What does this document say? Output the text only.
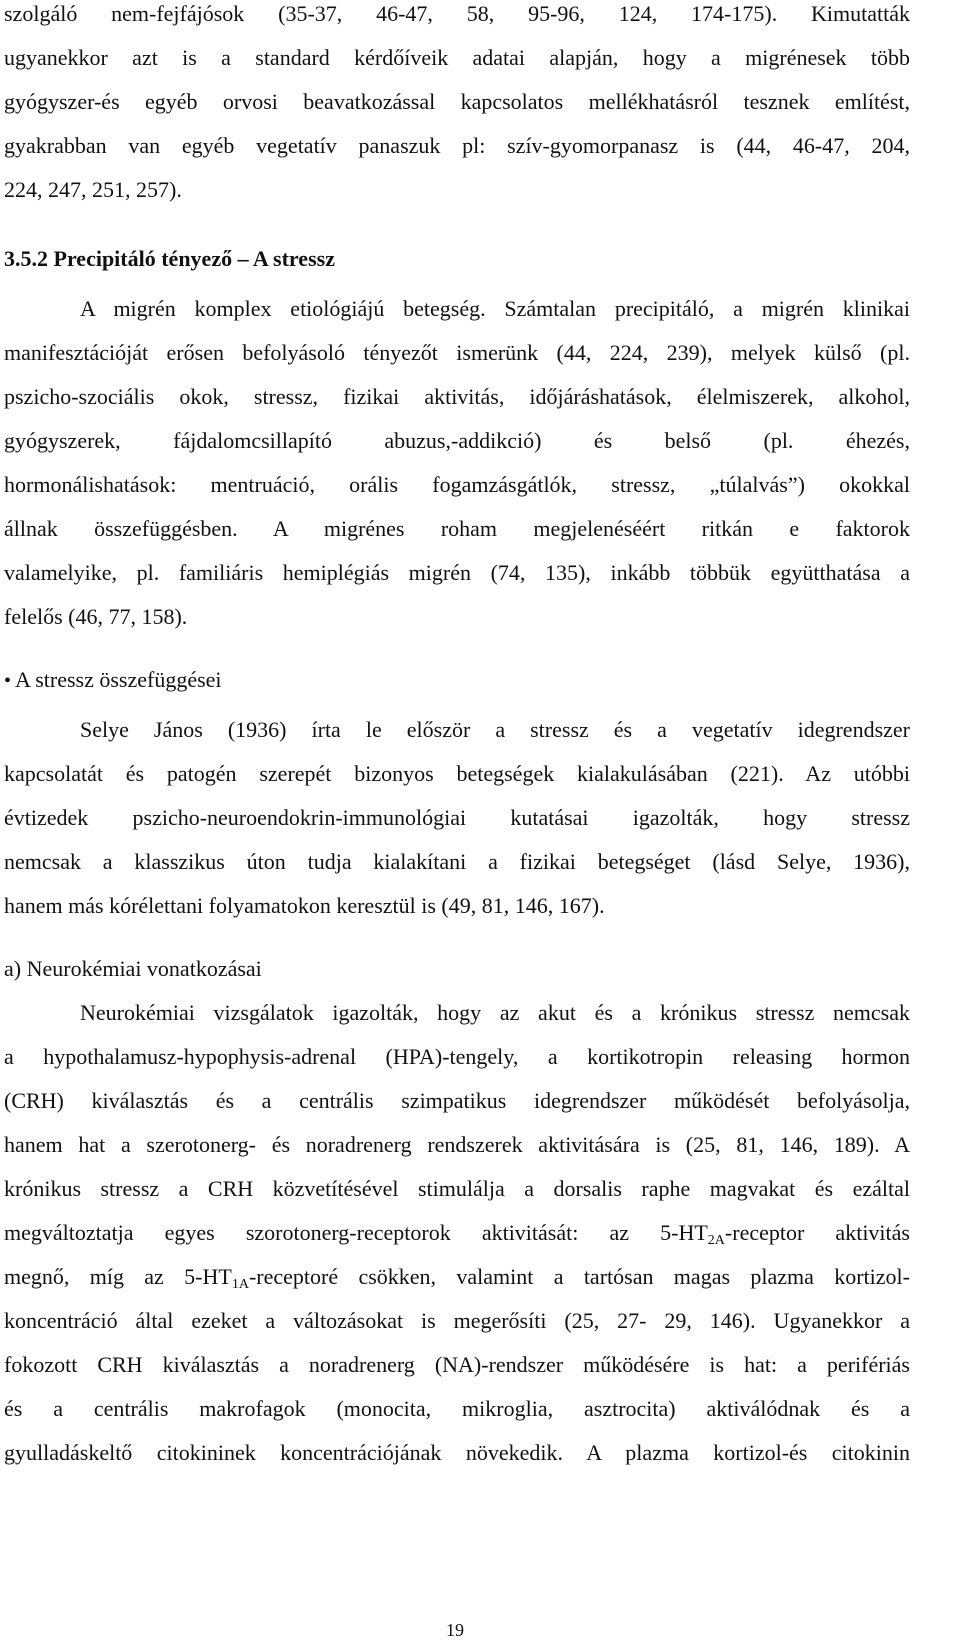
szolgáló nem-fejfájósok (35-37, 46-47, 58, 95-96, 124, 174-175). Kimutatták
ugyanekkor azt is a standard kérdőíveik adatai alapján, hogy a migrénesek több
gyógyszer-és egyéb orvosi beavatkozással kapcsolatos mellékhatásról tesznek említést,
gyakrabban van egyéb vegetatív panaszuk pl: szív-gyomorpanasz is (44, 46-47, 204,
224, 247, 251, 257).
3.5.2 Precipitáló tényező – A stressz
A migrén komplex etiológiájú betegség. Számtalan precipitáló, a migrén klinikai
manifesztációját erősen befolyásoló tényezőt ismerünk (44, 224, 239), melyek külső (pl.
pszicho-szociális okok, stressz, fizikai aktivitás, időjáráshatások, élelmiszerek, alkohol,
gyógyszerek, fájdalomcsillapító abuzus,-addikció) és belső (pl. éhezés,
hormonálishatások: mentruáció, orális fogamzásgátlók, stressz, „túlalvás”) okokkal
állnak összefüggésben. A migrénes roham megjelenéséért ritkán e faktorok
valamelyike, pl. familiáris hemiplégiás migrén (74, 135), inkább többük együtthatása a
felelős (46, 77, 158).
• A stressz összefüggései
Selye János (1936) írta le először a stressz és a vegetatív idegrendszer
kapcsolatát és patogén szerepét bizonyos betegségek kialakulásában (221). Az utóbbi
évtizedek pszicho-neuroendokrin-immunológiai kutatásai igazolták, hogy stressz
nemcsak a klasszikus úton tudja kialakítani a fizikai betegséget (lásd Selye, 1936),
hanem más kórélettani folyamatokon keresztül is (49, 81, 146, 167).
a) Neurokémiai vonatkozásai
Neurokémiai vizsgálatok igazolták, hogy az akut és a krónikus stressz nemcsak
a hypothalamusz-hypophysis-adrenal (HPA)-tengely, a kortikotropin releasing hormon
(CRH) kiválasztás és a centrális szimpatikus idegrendszer működését befolyásolja,
hanem hat a szerotonerg- és noradrenerg rendszerek aktivitására is (25, 81, 146, 189). A
krónikus stressz a CRH közvetítésével stimulálja a dorsalis raphe magvakat és ezáltal
megváltoztatja egyes szorotonerg-receptorok aktivitását: az $5-HT_{2A}$-receptor aktivitás
megnő, míg az $5-HT_{1A}$-receptoré csökken, valamint a tartósan magas plazma kortizol-
koncentráció által ezeket a változásokat is megerősíti (25, 27- 29, 146). Ugyanekkor a
fokozott CRH kiválasztás a noradrenerg (NA)-rendszer működésére is hat: a perifériás
és a centrális makrofagok (monocita, mikroglia, asztrocita) aktiválódnak és a
gyulladáskeltő citokininek koncentrációjának növekedik. A plazma kortizol-és citokinin
19
